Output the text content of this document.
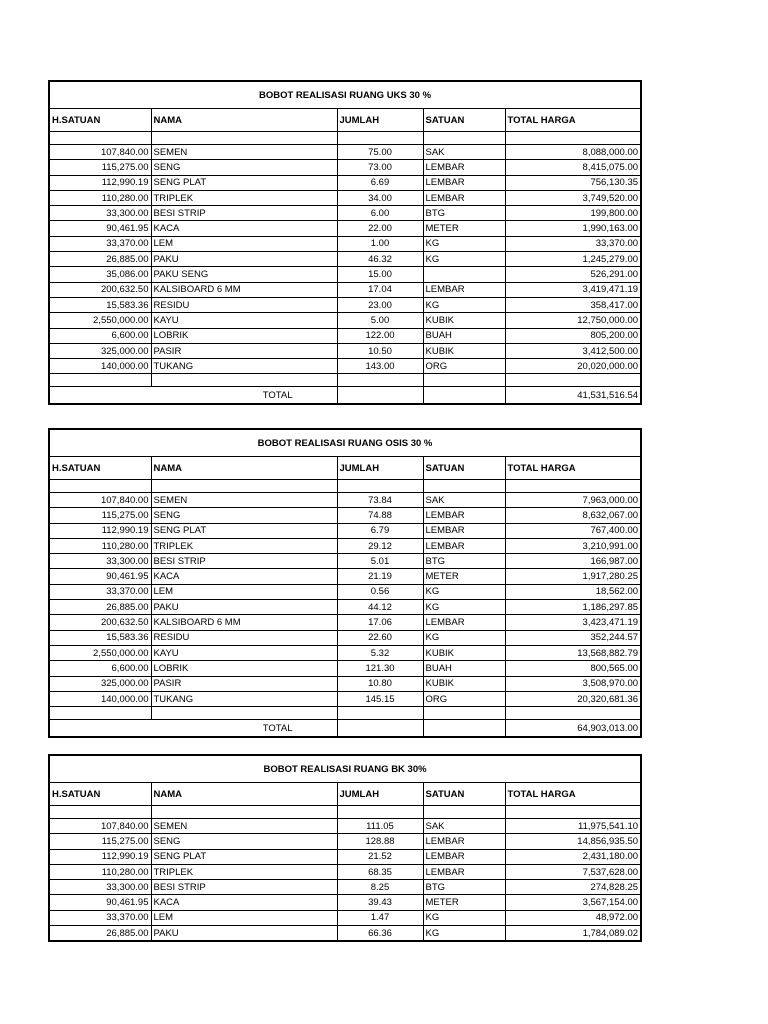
BOBOT REALISASI RUANG UKS 30 %				
H.SATUAN	NAMA	JUMLAH	SATUAN	TOTAL HARGA

107,840.00	SEMEN	75.00	SAK	8,088,000.00
115,275.00	SENG	73.00	LEMBAR	8,415,075.00
112,990.19	SENG PLAT	6.69	LEMBAR	756,130.35
110,280.00	TRIPLEK	34.00	LEMBAR	3,749,520.00
33,300.00	BESI STRIP	6.00	BTG	199,800.00
90,461.95	KACA	22.00	METER	1,990,163.00
33,370.00	LEM	1.00	KG	33,370.00
26,885.00	PAKU	46.32	KG	1,245,279.00
35,086.00	PAKU SENG	15.00		526,291.00
200,632.50	KALSIBOARD 6 MM	17.04	LEMBAR	3,419,471.19
15,583.36	RESIDU	23.00	KG	358,417.00
2,550,000.00	KAYU	5.00	KUBIK	12,750,000.00
6,600.00	LOBRIK	122.00	BUAH	805,200.00
325,000.00	PASIR	10.50	KUBIK	3,412,500.00
140,000.00	TUKANG	143.00	ORG	20,020,000.00

TOTAL				41,531,516.54
BOBOT REALISASI RUANG OSIS 30 %				
H.SATUAN	NAMA	JUMLAH	SATUAN	TOTAL HARGA

107,840.00	SEMEN	73.84	SAK	7,963,000.00
115,275.00	SENG	74.88	LEMBAR	8,632,067.00
112,990.19	SENG PLAT	6.79	LEMBAR	767,400.00
110,280.00	TRIPLEK	29.12	LEMBAR	3,210,991.00
33,300.00	BESI STRIP	5.01	BTG	166,987.00
90,461.95	KACA	21.19	METER	1,917,280.25
33,370.00	LEM	0.56	KG	18,562.00
26,885.00	PAKU	44.12	KG	1,186,297.85
200,632.50	KALSIBOARD 6 MM	17.06	LEMBAR	3,423,471.19
15,583.36	RESIDU	22.60	KG	352,244.57
2,550,000.00	KAYU	5.32	KUBIK	13,568,882.79
6,600.00	LOBRIK	121.30	BUAH	800,565.00
325,000.00	PASIR	10.80	KUBIK	3,508,970.00
140,000.00	TUKANG	145.15	ORG	20,320,681.36

TOTAL				64,903,013.00
BOBOT REALISASI RUANG BK 30%				
H.SATUAN	NAMA	JUMLAH	SATUAN	TOTAL HARGA

107,840.00	SEMEN	111.05	SAK	11,975,541.10
115,275.00	SENG	128.88	LEMBAR	14,856,935.50
112,990.19	SENG PLAT	21.52	LEMBAR	2,431,180.00
110,280.00	TRIPLEK	68.35	LEMBAR	7,537,628.00
33,300.00	BESI STRIP	8.25	BTG	274,828.25
90,461.95	KACA	39.43	METER	3,567,154.00
33,370.00	LEM	1.47	KG	48,972.00
26,885.00	PAKU	66.36	KG	1,784,089.02
